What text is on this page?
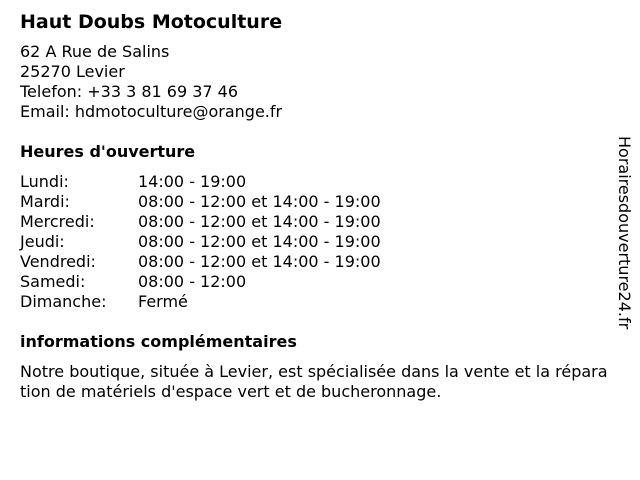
Haut Doubs Motoculture
62 A Rue de Salins
25270 Levier
Telefon: +33 3 81 69 37 46
Email: hdmotoculture@orange.fr
Heures d'ouverture
Lundi:	14:00 - 19:00
Mardi:	08:00 - 12:00 et 14:00 - 19:00
Mercredi:	08:00 - 12:00 et 14:00 - 19:00
Jeudi:	08:00 - 12:00 et 14:00 - 19:00
Vendredi:	08:00 - 12:00 et 14:00 - 19:00
Samedi:	08:00 - 12:00
Dimanche:	Fermé
informations complémentaires
Notre boutique, située à Levier, est spécialisée dans la vente et la réparation de matériels d'espace vert et de bucheronnage.
Horairesdouverture24.fr
